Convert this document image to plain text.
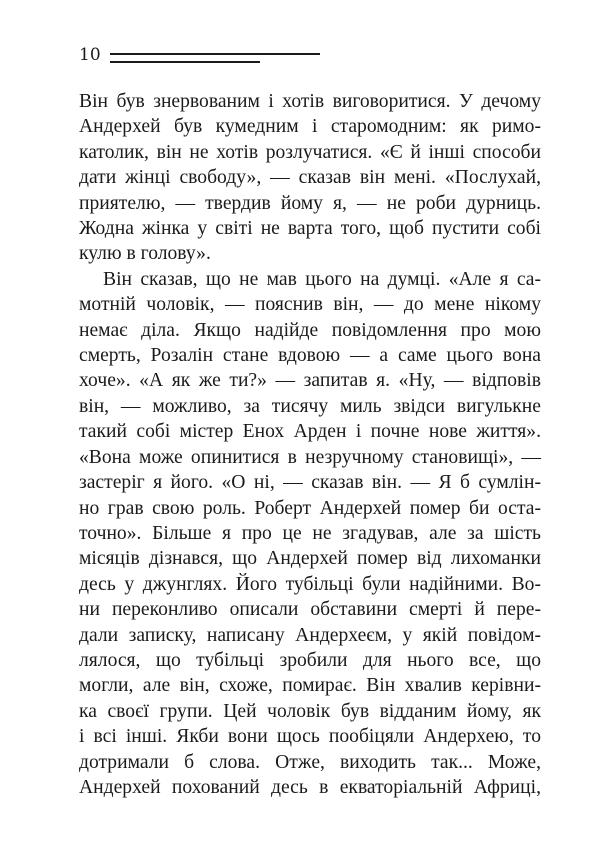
10
Він був знервованим і хотів виговоритися. У дечому
Андерхей був кумедним і старомодним: як римо-
католик, він не хотів розлучатися. «Є й інші способи
дати жінці свободу», — сказав він мені. «Послухай,
приятелю, — твердив йому я, — не роби дурниць.
Жодна жінка у світі не варта того, щоб пустити собі
кулю в голову».
Він сказав, що не мав цього на думці. «Але я са-
мотній чоловік, — пояснив він, — до мене нікому
немає діла. Якщо надійде повідомлення про мою
смерть, Розалін стане вдовою — а саме цього вона
хоче». «А як же ти?» — запитав я. «Ну, — відповів
він, — можливо, за тисячу миль звідси вигулькне
такий собі містер Енох Арден і почне нове життя».
«Вона може опинитися в незручному становищі», —
застеріг я його. «О ні, — сказав він. — Я б сумлін-
но грав свою роль. Роберт Андерхей помер би оста-
точно». Більше я про це не згадував, але за шість
місяців дізнався, що Андерхей помер від лихоманки
десь у джунглях. Його тубільці були надійними. Во-
ни переконливо описали обставини смерті й пере-
дали записку, написану Андерхеєм, у якій повідом-
лялося, що тубільцi зробили для нього все, що
могли, але він, схоже, помирає. Він хвалив керівни-
ка своєї групи. Цей чоловік був відданим йому, як
і всі інші. Якби вони щось пообіцяли Андерхею, то
дотримали б слова. Отже, виходить так... Може,
Андерхей похований десь в екваторіальній Африці,
